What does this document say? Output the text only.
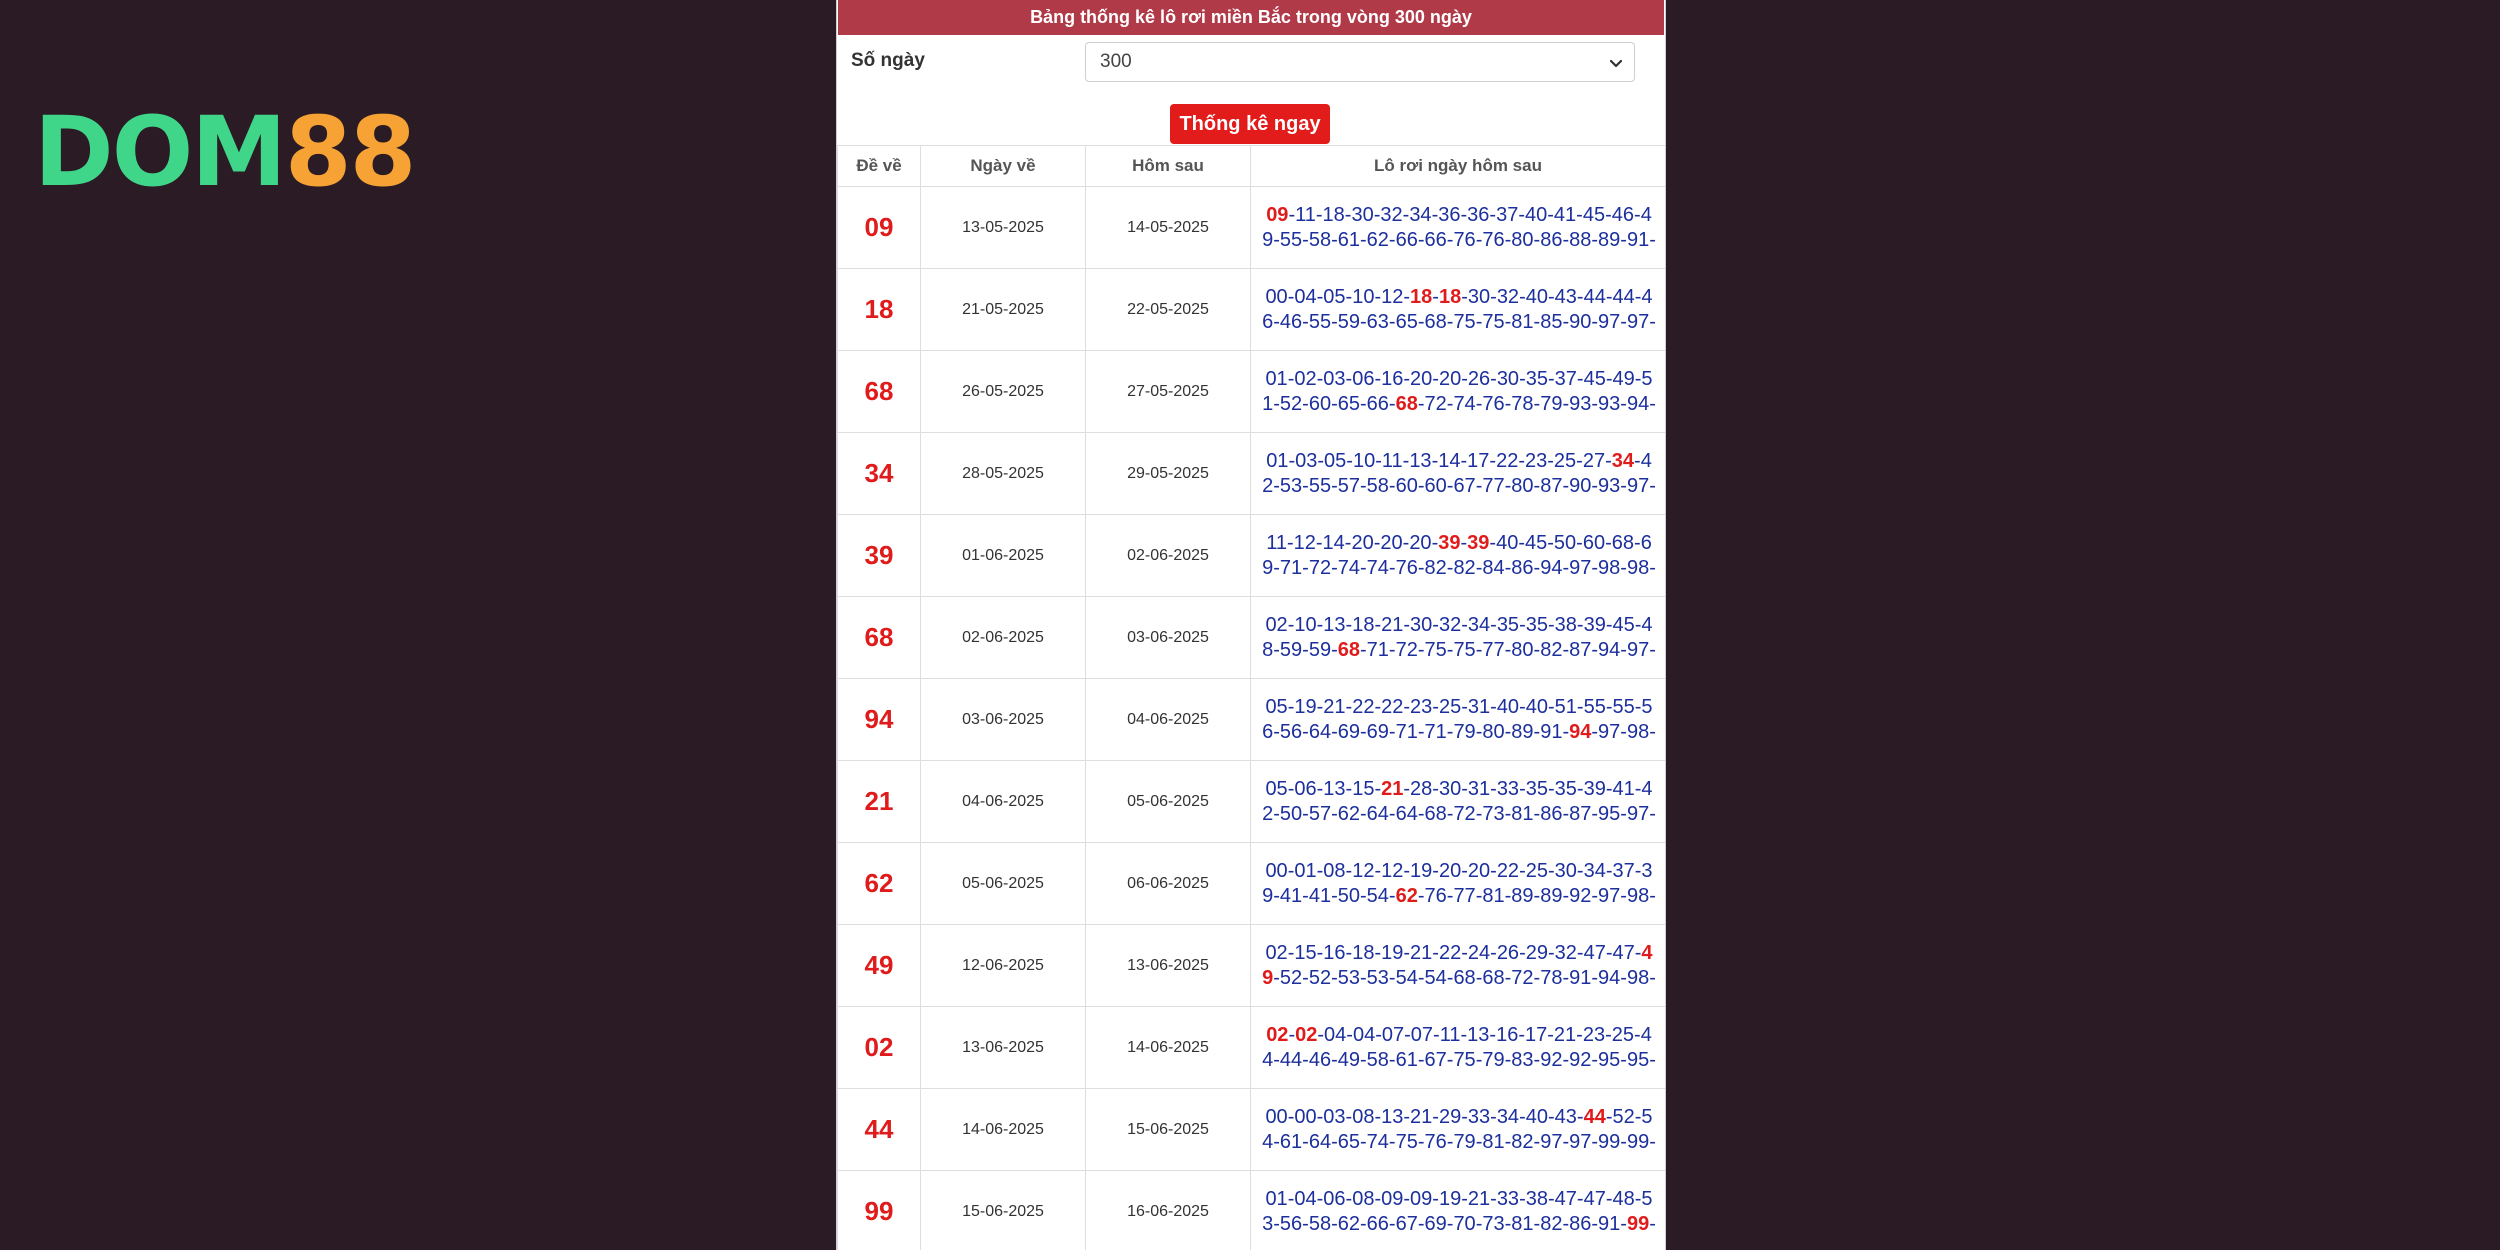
DOM88
Bảng thống kê lô rơi miền Bắc trong vòng 300 ngày
Số ngày	300
Thống kê ngay
Đề về	Ngày về	Hôm sau	Lô rơi ngày hôm sau
09	13-05-2025	14-05-2025	09-11-18-30-32-34-36-36-37-40-41-45-46-49-55-58-61-62-66-66-76-76-80-86-88-89-91-
18	21-05-2025	22-05-2025	00-04-05-10-12-18-18-30-32-40-43-44-44-46-46-55-59-63-65-68-75-75-81-85-90-97-97-
68	26-05-2025	27-05-2025	01-02-03-06-16-20-20-26-30-35-37-45-49-51-52-60-65-66-68-72-74-76-78-79-93-93-94-
34	28-05-2025	29-05-2025	01-03-05-10-11-13-14-17-22-23-25-27-34-42-53-55-57-58-60-60-67-77-80-87-90-93-97-
39	01-06-2025	02-06-2025	11-12-14-20-20-20-39-39-40-45-50-60-68-69-71-72-74-74-76-82-82-84-86-94-97-98-98-
68	02-06-2025	03-06-2025	02-10-13-18-21-30-32-34-35-35-38-39-45-48-59-59-68-71-72-75-75-77-80-82-87-94-97-
94	03-06-2025	04-06-2025	05-19-21-22-22-23-25-31-40-40-51-55-55-56-56-64-69-69-71-71-79-80-89-91-94-97-98-
21	04-06-2025	05-06-2025	05-06-13-15-21-28-30-31-33-35-35-39-41-42-50-57-62-64-64-68-72-73-81-86-87-95-97-
62	05-06-2025	06-06-2025	00-01-08-12-12-19-20-20-22-25-30-34-37-39-41-41-50-54-62-76-77-81-89-89-92-97-98-
49	12-06-2025	13-06-2025	02-15-16-18-19-21-22-24-26-29-32-47-47-49-52-52-53-53-54-54-68-68-72-78-91-94-98-
02	13-06-2025	14-06-2025	02-02-04-04-07-07-11-13-16-17-21-23-25-44-44-46-49-58-61-67-75-79-83-92-92-95-95-
44	14-06-2025	15-06-2025	00-00-03-08-13-21-29-33-34-40-43-44-52-54-61-64-65-74-75-76-79-81-82-97-97-99-99-
99	15-06-2025	16-06-2025	01-04-06-08-09-09-19-21-33-38-47-47-48-53-56-58-62-66-67-69-70-73-81-82-86-91-99-
